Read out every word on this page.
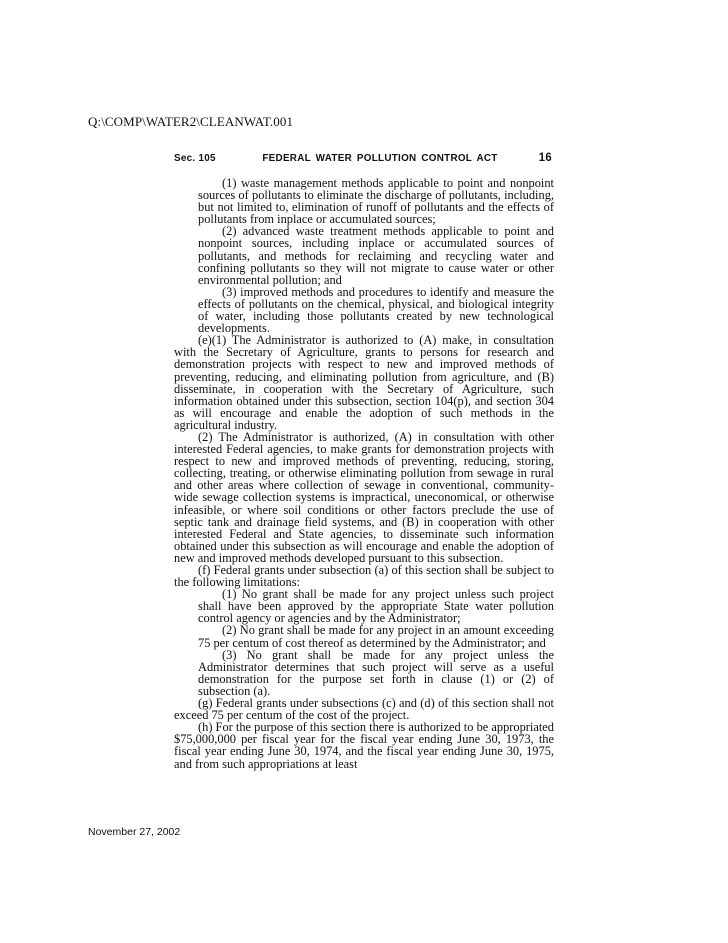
Q:\COMP\WATER2\CLEANWAT.001
Sec. 105	FEDERAL WATER POLLUTION CONTROL ACT	16

(1) waste management methods applicable to point and nonpoint sources of pollutants to eliminate the discharge of pollutants, including, but not limited to, elimination of runoff of pollutants and the effects of pollutants from inplace or accumulated sources;

(2) advanced waste treatment methods applicable to point and nonpoint sources, including inplace or accumulated sources of pollutants, and methods for reclaiming and recycling water and confining pollutants so they will not migrate to cause water or other environmental pollution; and

(3) improved methods and procedures to identify and measure the effects of pollutants on the chemical, physical, and biological integrity of water, including those pollutants created by new technological developments.

(e)(1) The Administrator is authorized to (A) make, in consultation with the Secretary of Agriculture, grants to persons for research and demonstration projects with respect to new and improved methods of preventing, reducing, and eliminating pollution from agriculture, and (B) disseminate, in cooperation with the Secretary of Agriculture, such information obtained under this subsection, section 104(p), and section 304 as will encourage and enable the adoption of such methods in the agricultural industry.

(2) The Administrator is authorized, (A) in consultation with other interested Federal agencies, to make grants for demonstration projects with respect to new and improved methods of preventing, reducing, storing, collecting, treating, or otherwise eliminating pollution from sewage in rural and other areas where collection of sewage in conventional, community-wide sewage collection systems is impractical, uneconomical, or otherwise infeasible, or where soil conditions or other factors preclude the use of septic tank and drainage field systems, and (B) in cooperation with other interested Federal and State agencies, to disseminate such information obtained under this subsection as will encourage and enable the adoption of new and improved methods developed pursuant to this subsection.

(f) Federal grants under subsection (a) of this section shall be subject to the following limitations:

(1) No grant shall be made for any project unless such project shall have been approved by the appropriate State water pollution control agency or agencies and by the Administrator;

(2) No grant shall be made for any project in an amount exceeding 75 per centum of cost thereof as determined by the Administrator; and

(3) No grant shall be made for any project unless the Administrator determines that such project will serve as a useful demonstration for the purpose set forth in clause (1) or (2) of subsection (a).

(g) Federal grants under subsections (c) and (d) of this section shall not exceed 75 per centum of the cost of the project.

(h) For the purpose of this section there is authorized to be appropriated $75,000,000 per fiscal year for the fiscal year ending June 30, 1973, the fiscal year ending June 30, 1974, and the fiscal year ending June 30, 1975, and from such appropriations at least

November 27, 2002
